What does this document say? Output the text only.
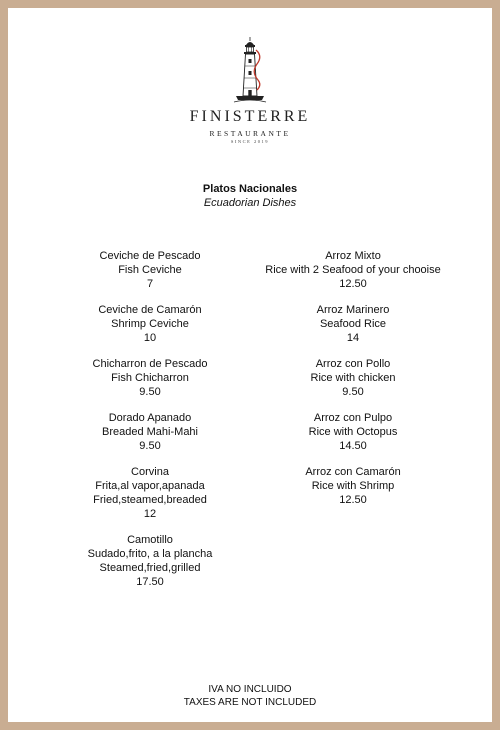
FINISTERRE
RESTAURANTE
SINCE 2019
Platos Nacionales
Ecuadorian Dishes
Ceviche de Pescado
Fish Ceviche
7
Ceviche de Camarón
Shrimp Ceviche
10
Chicharron de Pescado
Fish Chicharron
9.50
Dorado Apanado
Breaded Mahi-Mahi
9.50
Corvina
Frita,al vapor,apanada
Fried,steamed,breaded
12
Camotillo
Sudado,frito, a la plancha
Steamed,fried,grilled
17.50
Arroz Mixto
Rice with 2 Seafood of your chooise
12.50
Arroz Marinero
Seafood Rice
14
Arroz con Pollo
Rice with chicken
9.50
Arroz con Pulpo
Rice with Octopus
14.50
Arroz con Camarón
Rice with Shrimp
12.50
IVA NO INCLUIDO
TAXES ARE NOT INCLUDED
